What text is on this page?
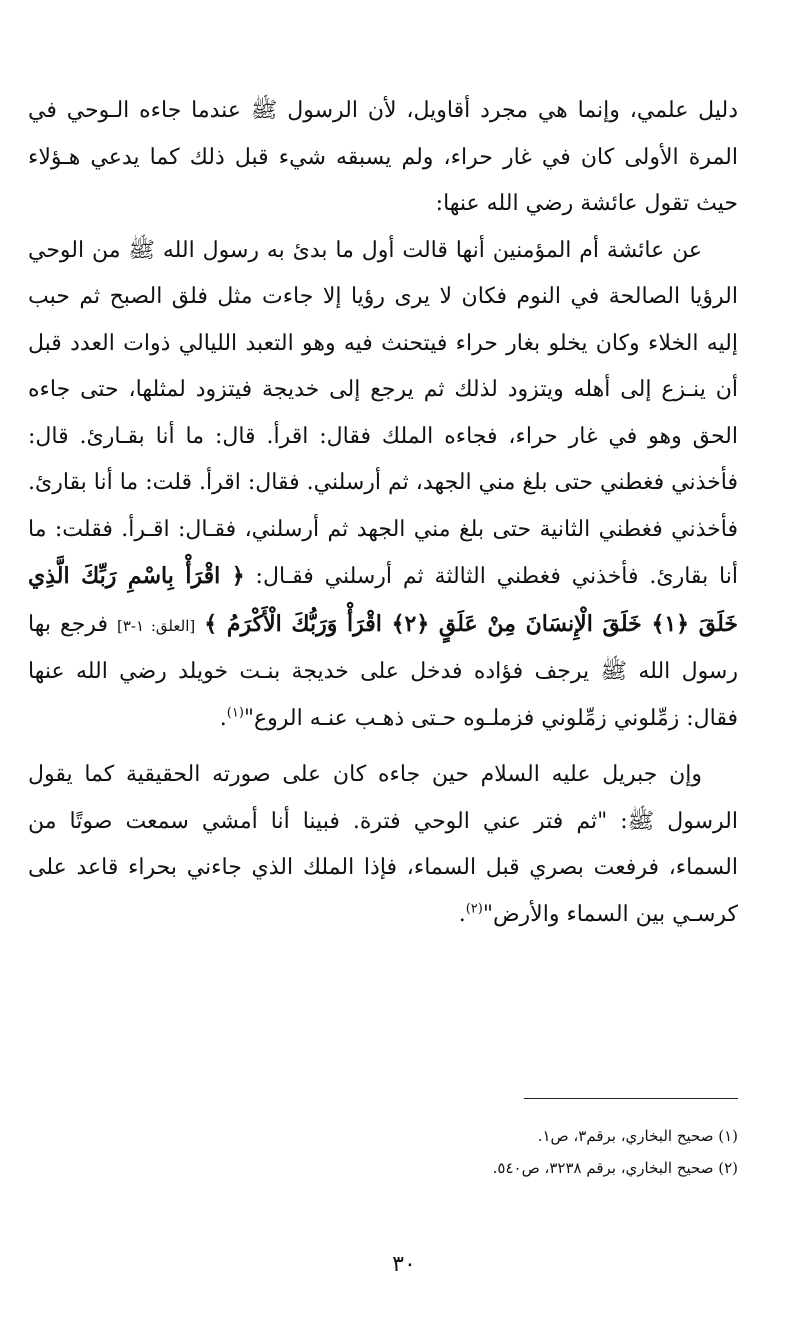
دليل علمي، وإنما هي مجرد أقاويل، لأن الرسول ﷺ عندما جاءه الـوحي في المرة الأولى كان في غار حراء، ولم يسبقه شيء قبل ذلك كما يدعي هـؤلاء حيث تقول عائشة رضي الله عنها:

عن عائشة أم المؤمنين أنها قالت أول ما بدئ به رسول الله ﷺ من الوحي الرؤيا الصالحة في النوم فكان لا يرى رؤيا إلا جاءت مثل فلق الصبح ثم حبب إليه الخلاء وكان يخلو بغار حراء فيتحنث فيه وهو التعبد الليالي ذوات العدد قبل أن ينـزع إلى أهله ويتزود لذلك ثم يرجع إلى خديجة فيتزود لمثلها، حتى جاءه الحق وهو في غار حراء، فجاءه الملك فقال: اقرأ. قال: ما أنا بقـارئ. قال: فأخذني فغطني حتى بلغ مني الجهد، ثم أرسلني. فقال: اقرأ. قلت: ما أنا بقارئ. فأخذني فغطني الثانية حتى بلغ مني الجهد ثم أرسلني، فقـال: اقـرأ. فقلت: ما أنا بقارئ. فأخذني فغطني الثالثة ثم أرسلني فقـال: ﴿ اقْرَأْ بِاسْمِ رَبِّكَ الَّذِي خَلَقَ ﴿١﴾ خَلَقَ الْإِنسَانَ مِنْ عَلَقٍ ﴿٢﴾ اقْرَأْ وَرَبُّكَ الْأَكْرَمُ ﴾ [العلق: ١-٣] فرجع بها رسول الله ﷺ يرجف فؤاده فدخل على خديجة بنـت خويلد رضي الله عنها فقال: زمِّلوني زمِّلوني فزملـوه حـتى ذهـب عنـه الروع"$^{(١)}$.

وإن جبريل عليه السلام حين جاءه كان على صورته الحقيقية كما يقول الرسول ﷺ: "ثم فتر عني الوحي فترة. فبينا أنا أمشي سمعت صوتًا من السماء، فرفعت بصري قبل السماء، فإذا الملك الذي جاءني بحراء قاعد على كرسـي بين السماء والأرض"$^{(٢)}$.

(١) صحيح البخاري، برقم٣، ص١.
(٢) صحيح البخاري، برقم ٣٢٣٨، ص٥٤٠.
٣٠
